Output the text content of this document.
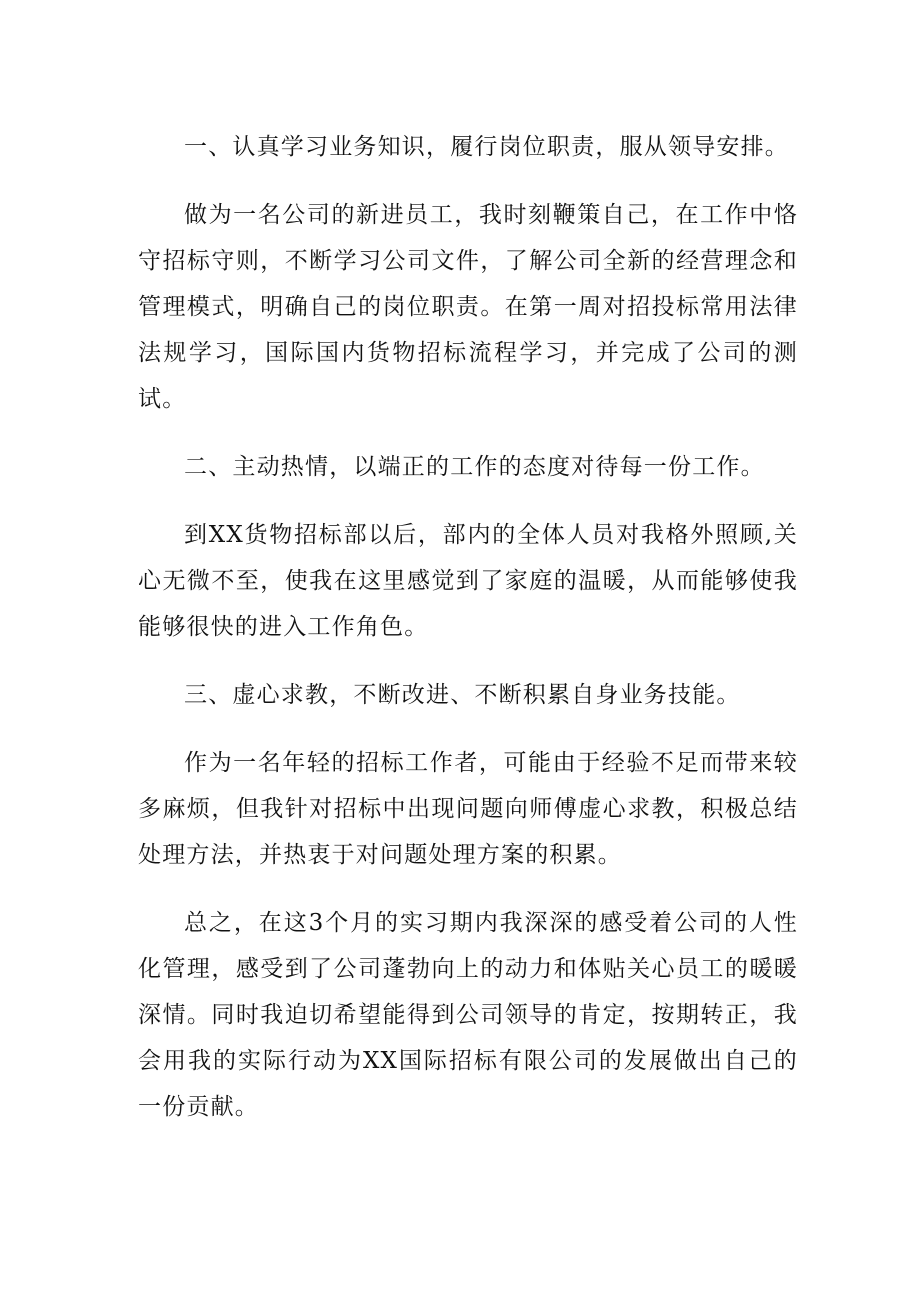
一、认真学习业务知识，履行岗位职责，服从领导安排。

做为一名公司的新进员工，我时刻鞭策自己，在工作中恪守招标守则，不断学习公司文件，了解公司全新的经营理念和管理模式，明确自己的岗位职责。在第一周对招投标常用法律法规学习，国际国内货物招标流程学习，并完成了公司的测试。

二、主动热情，以端正的工作的态度对待每一份工作。

到XX货物招标部以后，部内的全体人员对我格外照顾,关心无微不至，使我在这里感觉到了家庭的温暖，从而能够使我能够很快的进入工作角色。

三、虚心求教，不断改进、不断积累自身业务技能。

作为一名年轻的招标工作者，可能由于经验不足而带来较多麻烦，但我针对招标中出现问题向师傅虚心求教，积极总结处理方法，并热衷于对问题处理方案的积累。

总之，在这3个月的实习期内我深深的感受着公司的人性化管理，感受到了公司蓬勃向上的动力和体贴关心员工的暖暖深情。同时我迫切希望能得到公司领导的肯定，按期转正，我会用我的实际行动为XX国际招标有限公司的发展做出自己的一份贡献。
